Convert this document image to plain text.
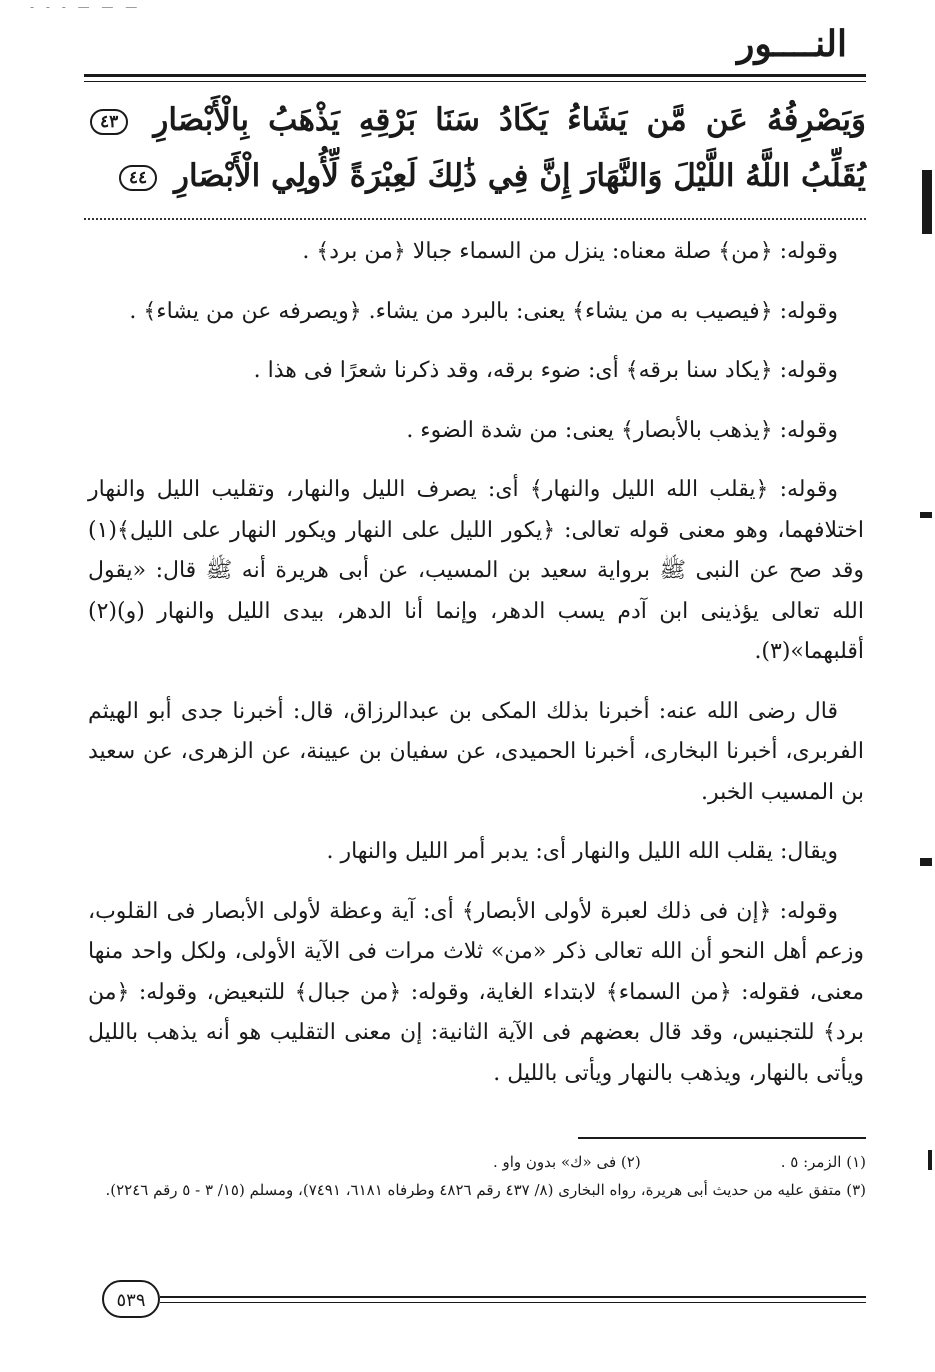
- - - — — —
النــــور
وَيَصْرِفُهُ عَن مَّن يَشَاءُ يَكَادُ سَنَا بَرْقِهِ يَذْهَبُ بِالْأَبْصَارِ ٤٣ يُقَلِّبُ اللَّهُ اللَّيْلَ وَالنَّهَارَ إِنَّ فِي ذَٰلِكَ لَعِبْرَةً لِّأُولِي الْأَبْصَارِ ٤٤

وقوله: ﴿من﴾ صلة معناه: ينزل من السماء جبالا ﴿من برد﴾ .

وقوله: ﴿فيصيب به من يشاء﴾ يعنى: بالبرد من يشاء. ﴿ويصرفه عن من يشاء﴾ .

وقوله: ﴿يكاد سنا برقه﴾ أى: ضوء برقه، وقد ذكرنا شعرًا فى هذا .

وقوله: ﴿يذهب بالأبصار﴾ يعنى: من شدة الضوء .

وقوله: ﴿يقلب الله الليل والنهار﴾ أى: يصرف الليل والنهار، وتقليب الليل والنهار اختلافهما، وهو معنى قوله تعالى: ﴿يكور الليل على النهار ويكور النهار على الليل﴾(١) وقد صح عن النبى ﷺ برواية سعيد بن المسيب، عن أبى هريرة أنه ﷺ قال: «يقول الله تعالى يؤذينى ابن آدم يسب الدهر، وإنما أنا الدهر، بيدى الليل والنهار (و)(٢) أقلبهما»(٣).

قال رضى الله عنه: أخبرنا بذلك المكى بن عبدالرزاق، قال: أخبرنا جدى أبو الهيثم الفربرى، أخبرنا البخارى، أخبرنا الحميدى، عن سفيان بن عيينة، عن الزهرى، عن سعيد بن المسيب الخبر.

ويقال: يقلب الله الليل والنهار أى: يدبر أمر الليل والنهار .

وقوله: ﴿إن فى ذلك لعبرة لأولى الأبصار﴾ أى: آية وعظة لأولى الأبصار فى القلوب، وزعم أهل النحو أن الله تعالى ذكر «من» ثلاث مرات فى الآية الأولى، ولكل واحد منها معنى، فقوله: ﴿من السماء﴾ لابتداء الغاية، وقوله: ﴿من جبال﴾ للتبعيض، وقوله: ﴿من برد﴾ للتجنيس، وقد قال بعضهم فى الآية الثانية: إن معنى التقليب هو أنه يذهب بالليل ويأتى بالنهار، ويذهب بالنهار ويأتى بالليل .

(١) الزمر: ٥ .
(٢) فى «ك» بدون واو .
(٣) متفق عليه من حديث أبى هريرة، رواه البخارى (٨/ ٤٣٧ رقم ٤٨٢٦ وطرفاه ٦١٨١، ٧٤٩١)، ومسلم (١٥/ ٣ - ٥ رقم ٢٢٤٦).
٥٣٩
